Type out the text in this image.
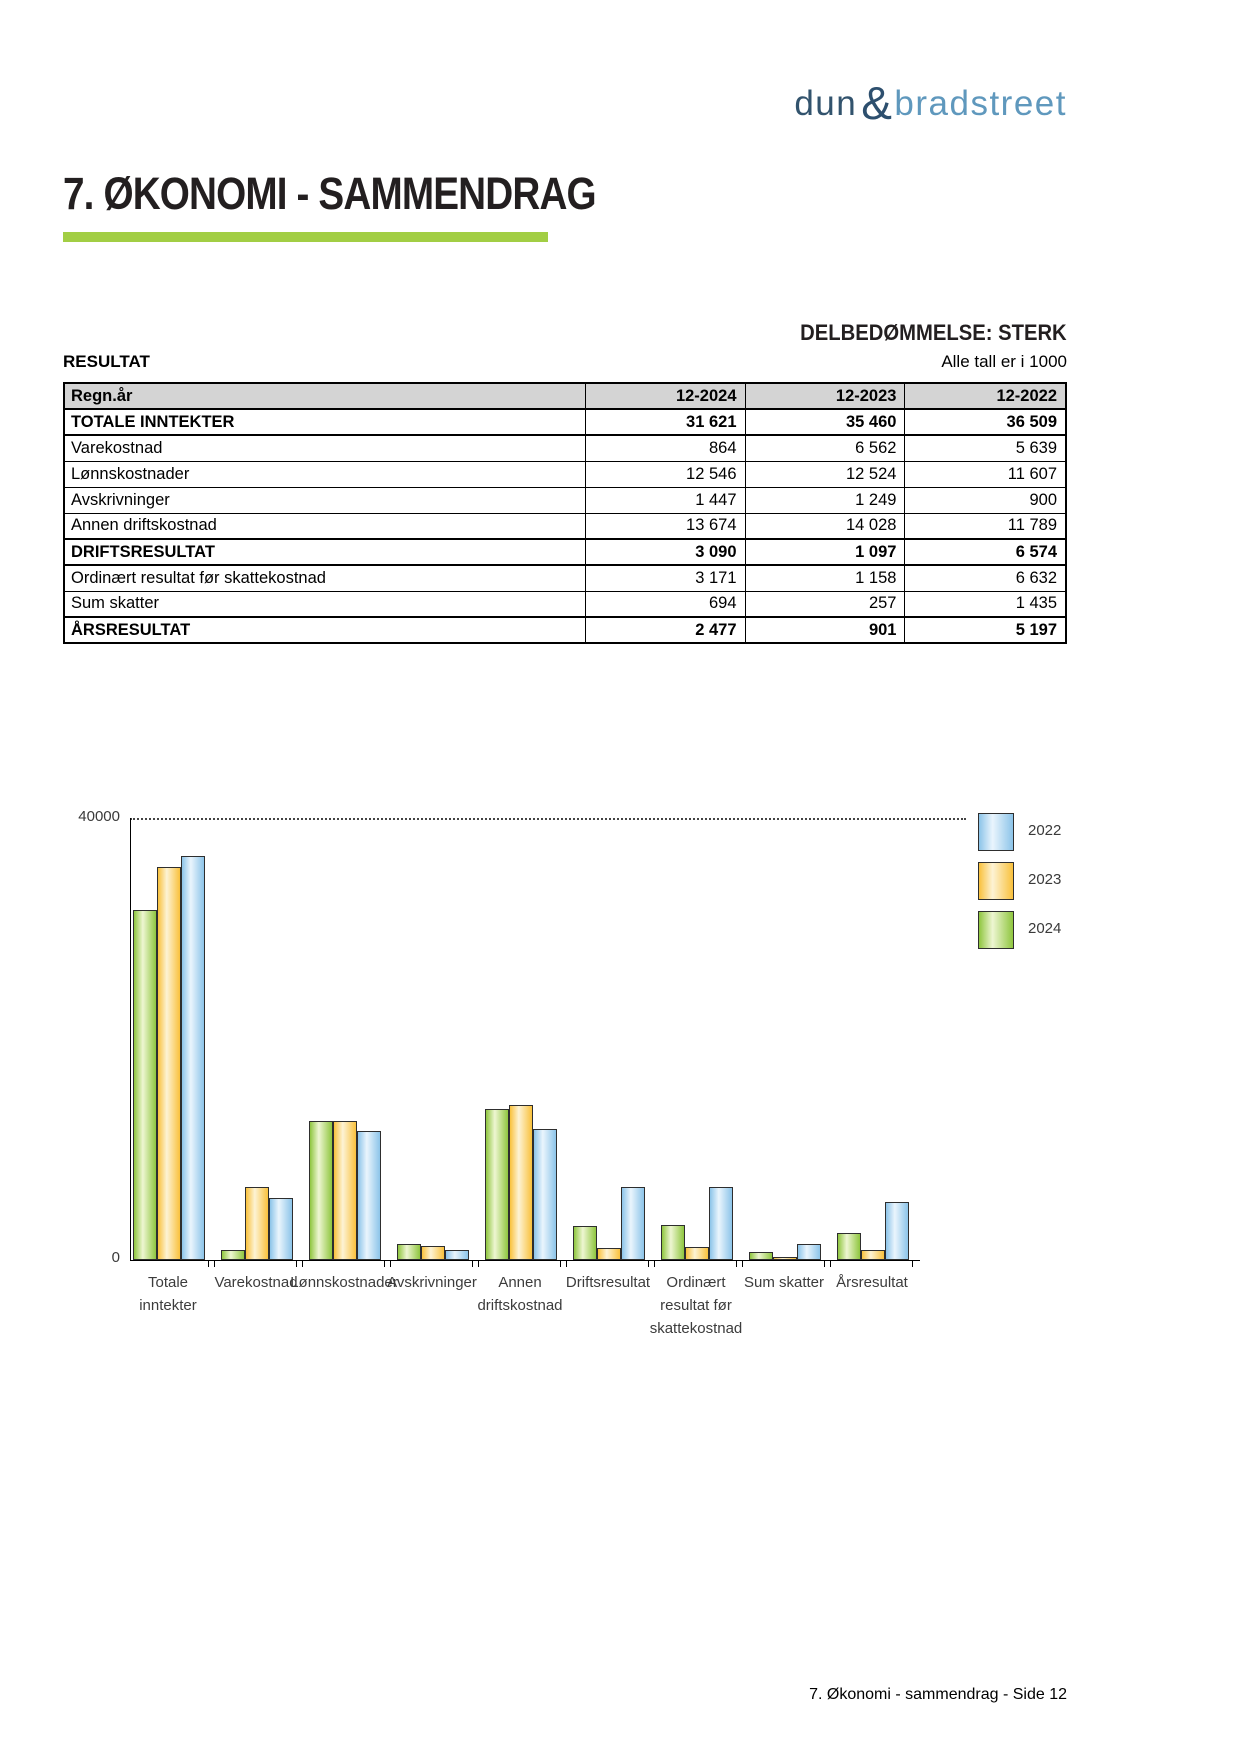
dun&bradstreet
7. ØKONOMI - SAMMENDRAG
DELBEDØMMELSE: STERK
RESULTAT	Alle tall er i 1000
Regn.år	12-2024	12-2023	12-2022
TOTALE INNTEKTER	31 621	35 460	36 509
Varekostnad	864	6 562	5 639
Lønnskostnader	12 546	12 524	11 607
Avskrivninger	1 447	1 249	900
Annen driftskostnad	13 674	14 028	11 789
DRIFTSRESULTAT	3 090	1 097	6 574
Ordinært resultat før skattekostnad	3 171	1 158	6 632
Sum skatter	694	257	1 435
ÅRSRESULTAT	2 477	901	5 197
40000
0
Totale
inntekter
Varekostnad
Lønnskostnader
Avskrivninger	Annen
driftskostnad
Driftsresultat	Ordinært
resultat før
skattekostnad
Sum skatter Årsresultat
2022
2023
2024
7. Økonomi - sammendrag - Side 12
